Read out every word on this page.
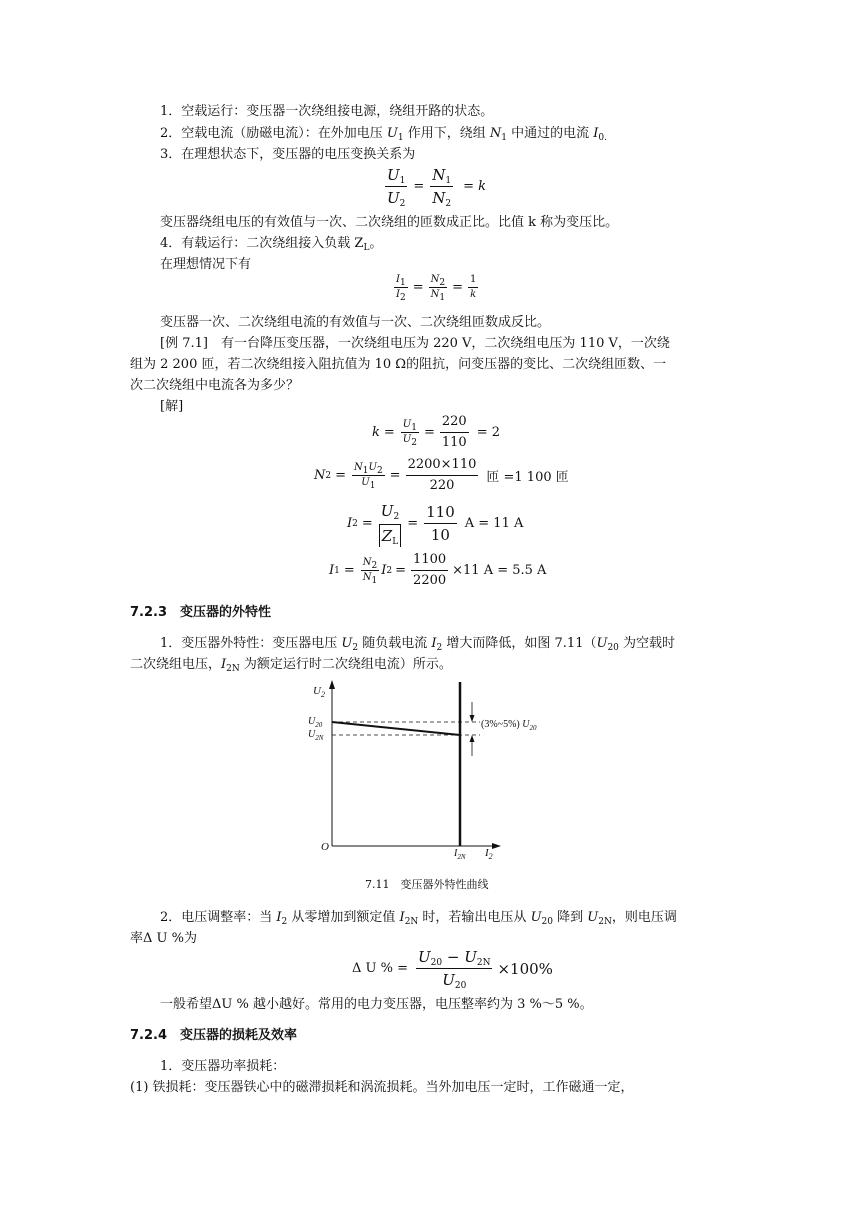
1．空载运行：变压器一次绕组接电源，绕组开路的状态。
2．空载电流（励磁电流）：在外加电压 $U_1$ 作用下，绕组 $N_1$ 中通过的电流 $I_{0.}$
3．在理想状态下，变压器的电压变换关系为
$\frac{U_1}{U_2} = \frac{N_1}{N_2} = k$
变压器绕组电压的有效值与一次、二次绕组的匝数成正比。比值 k 称为变压比。
4．有载运行：二次绕组接入负载 $Z_L$。
在理想情况下有
$\frac{I_1}{I_2} = \frac{N_2}{N_1} = \frac{1}{k}$
变压器一次、二次绕组电流的有效值与一次、二次绕组匝数成反比。
[例 7.1]　有一台降压变压器，一次绕组电压为 220 V，二次绕组电压为 110 V，一次绕
组为 2 200 匝，若二次绕组接入阻抗值为 10 Ω的阻抗，问变压器的变比、二次绕组匝数、一
次二次绕组中电流各为多少？
[解]
$k = \frac{U_1}{U_2} = \frac{220}{110} = 2$
N $2 = \frac{N_1U_2}{U_1} = \frac{2200\times 110}{220}$ 匝 =1 100 匝
I $2 = \frac{U_2}{Z_L} = \frac{110}{10}$ A = 11 A
I $1 = \frac{N_2}{N_1}$ I $2 = \frac{1100}{2200} \times 11$ A = 5.5 A
7.2.3　变压器的外特性
1．变压器外特性：变压器电压 $U_2$ 随负载电流 $I_2$ 增大而降低，如图 $7.11(U_{20}$ 为空载时
二次绕组电压，$I_{2N}$ 为额定运行时二次绕组电流）所示。
$U_2$
$U_{20}$
$U_{2N}$
O
$I_{2N}$ $I_2$
(3%~5%) $U_{20}$
7.11　变压器外特性曲线
2．电压调整率：当 $I_2$ 从零增加到额定值 $I_{2N}$ 时，若输出电压从 $U_{20}$ 降到 $U_{2N}$，则电压调
率Δ U %为
Δ U % = $\frac{U_{20} - U_{2N}}{U_{20}} \times 100\%$
一般希望ΔU % 越小越好。常用的电力变压器，电压整率约为 3 %～5 %。
7.2.4　变压器的损耗及效率
1．变压器功率损耗：
(1) 铁损耗：变压器铁心中的磁滞损耗和涡流损耗。当外加电压一定时，工作磁通一定，
